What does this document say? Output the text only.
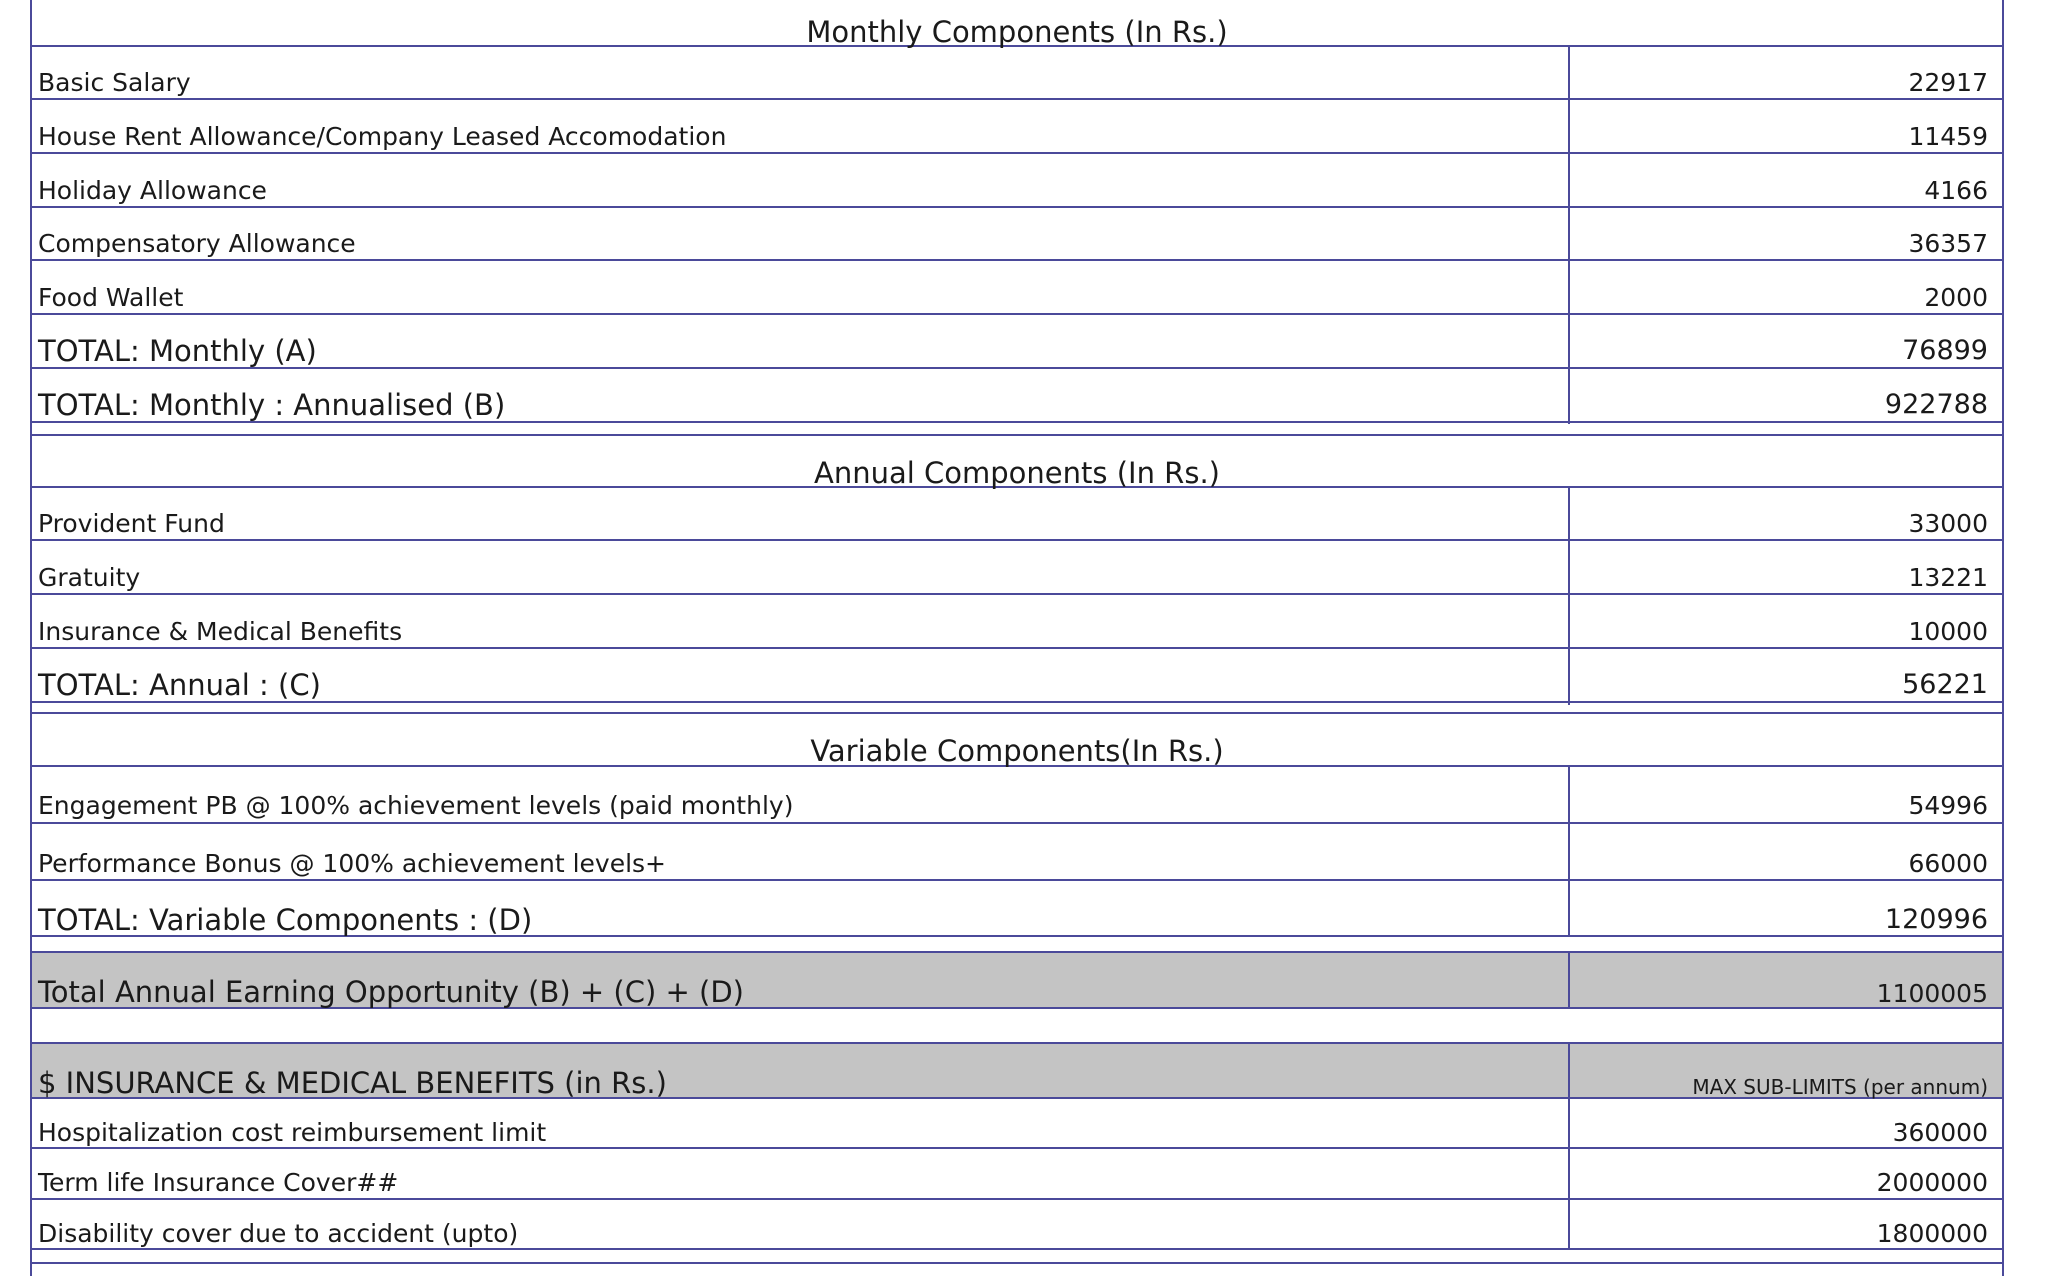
Monthly Components (In Rs.)
Basic Salary	22917
House Rent Allowance/Company Leased Accomodation	11459
Holiday Allowance	4166
Compensatory Allowance	36357
Food Wallet	2000
TOTAL: Monthly (A)	76899
TOTAL: Monthly : Annualised (B)	922788
Annual Components (In Rs.)
Provident Fund	33000
Gratuity	13221
Insurance & Medical Benefits	10000
TOTAL: Annual : (C)	56221
Variable Components(In Rs.)
Engagement PB @ 100% achievement levels (paid monthly)	54996
Performance Bonus @ 100% achievement levels+	66000
TOTAL: Variable Components : (D)	120996
Total Annual Earning Opportunity (B) + (C) + (D)	1100005
$ INSURANCE & MEDICAL BENEFITS (in Rs.)	MAX SUB-LIMITS (per annum)
Hospitalization cost reimbursement limit	360000
Term life Insurance Cover##	2000000
Disability cover due to accident (upto)	1800000
